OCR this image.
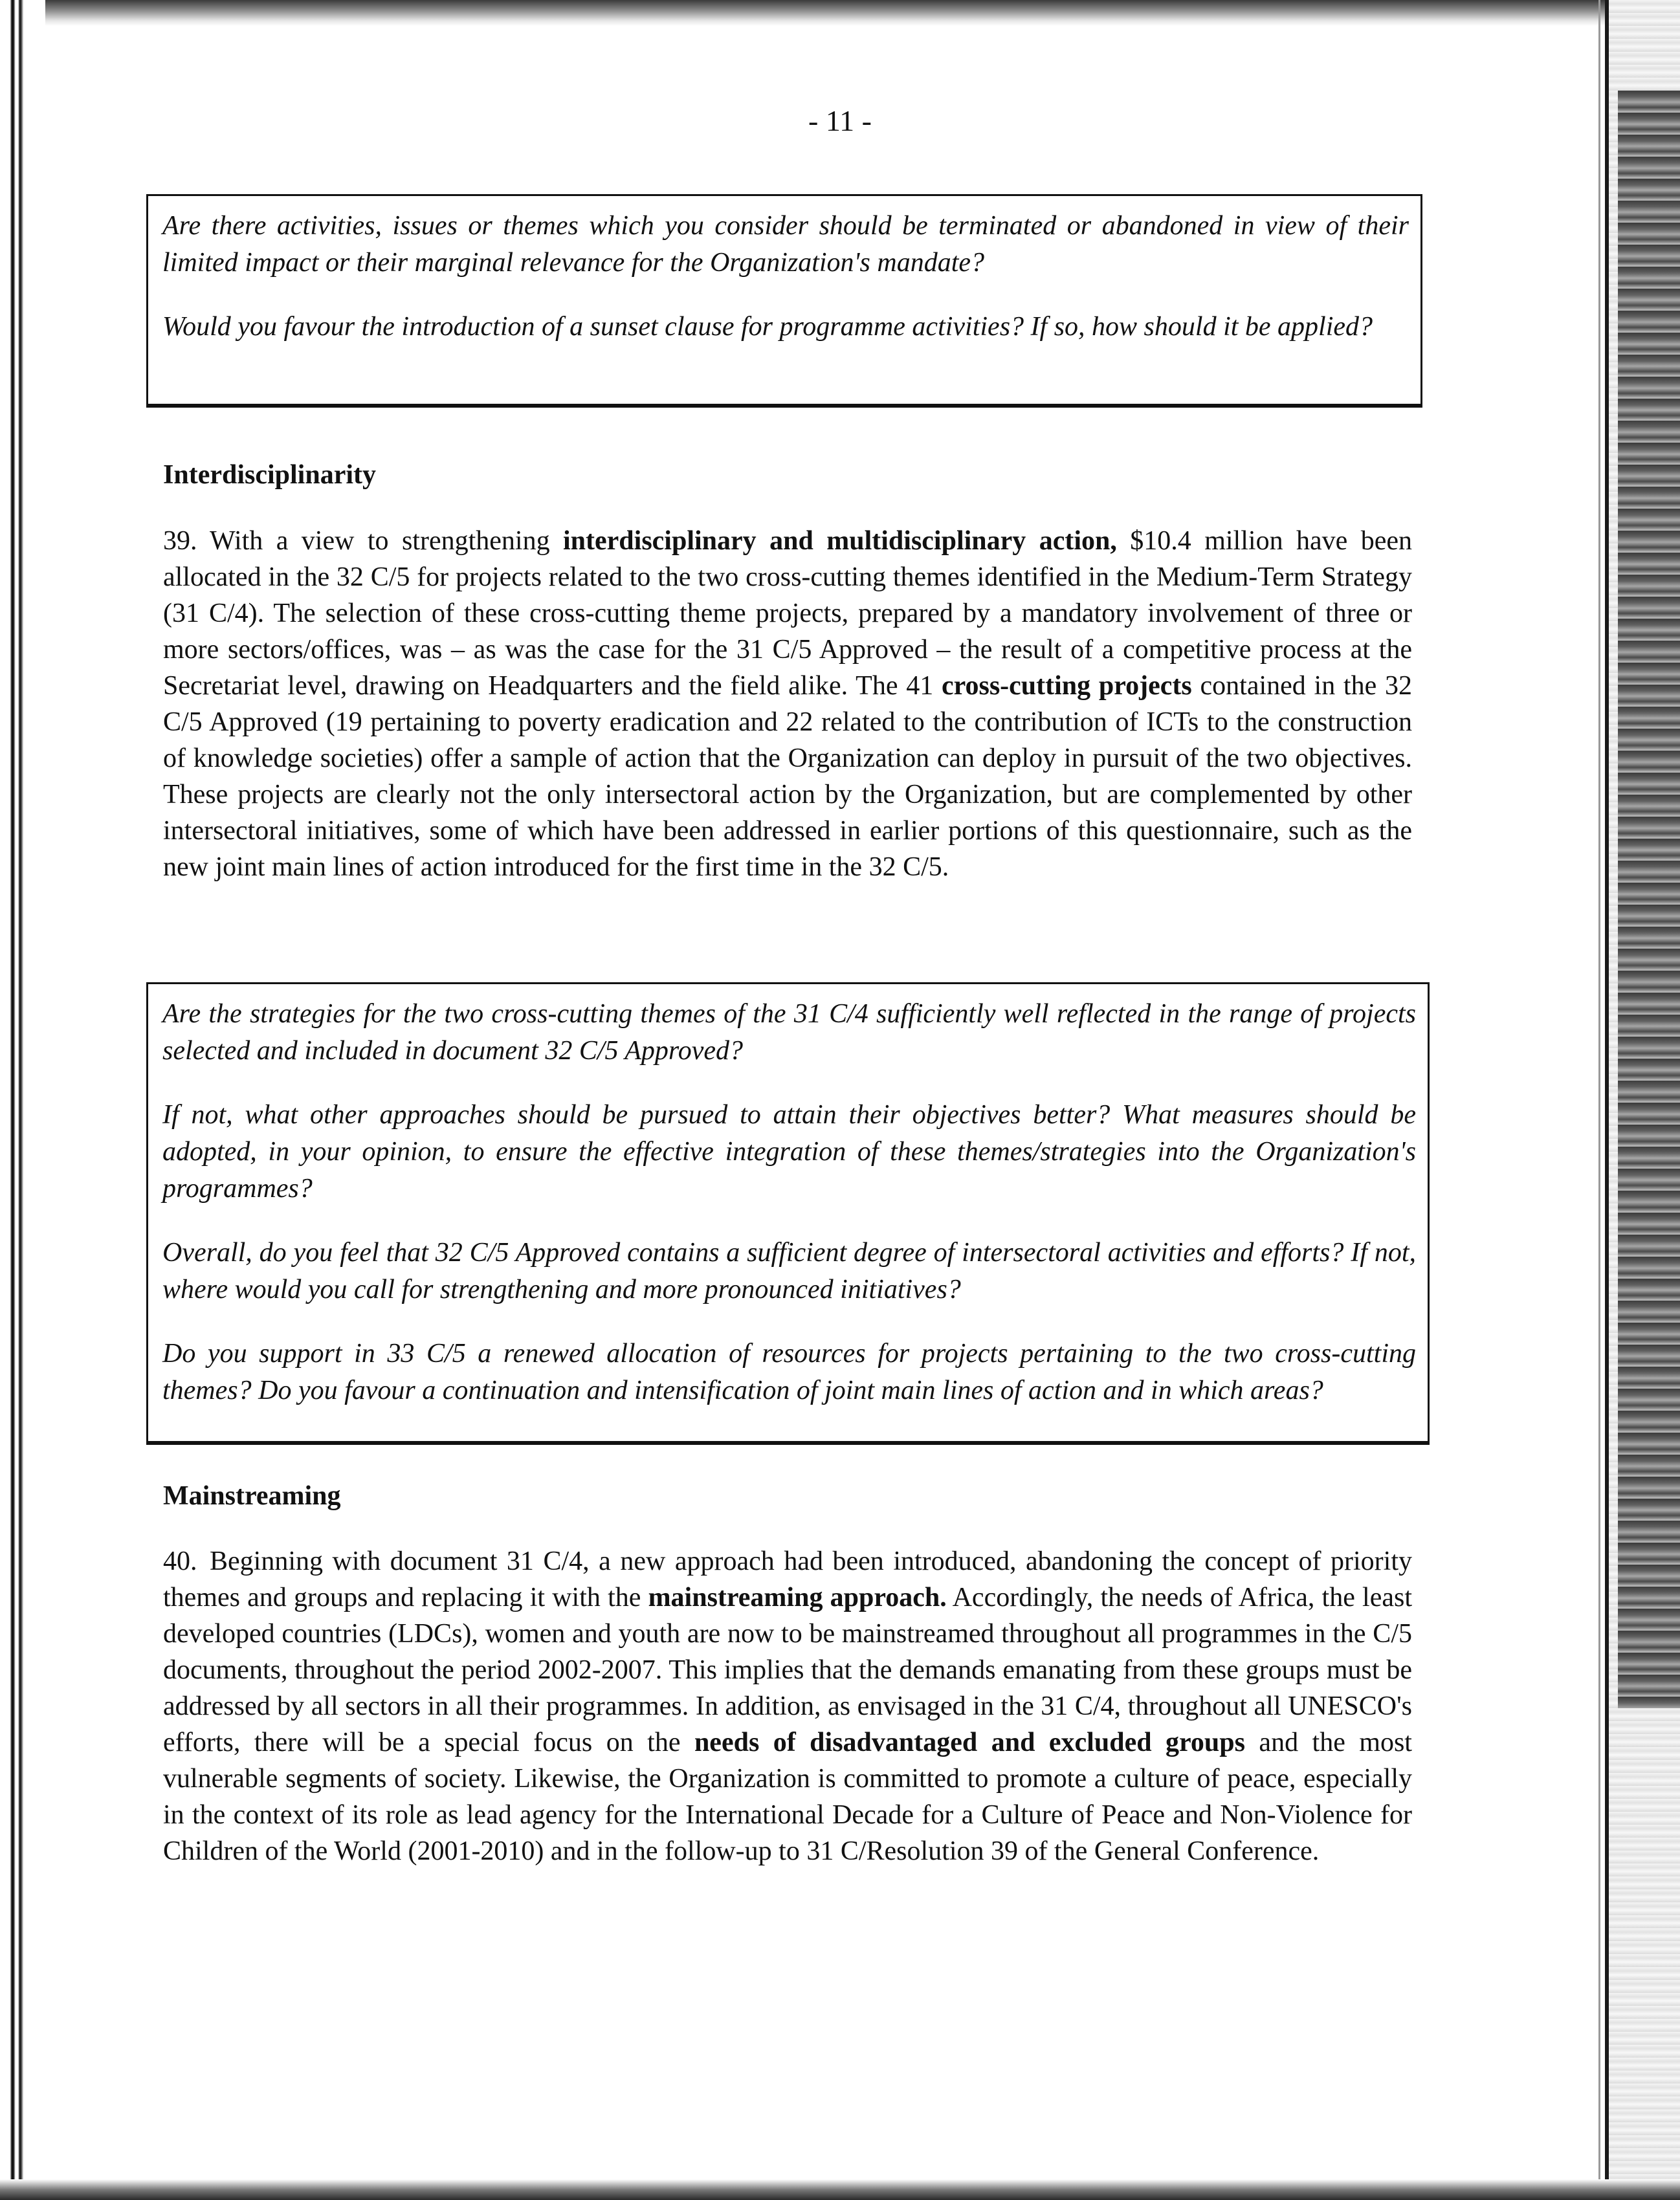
- 11 -

Are there activities, issues or themes which you consider should be terminated or abandoned in view of their limited impact or their marginal relevance for the Organization's mandate?

Would you favour the introduction of a sunset clause for programme activities? If so, how should it be applied?

Interdisciplinarity

39. With a view to strengthening interdisciplinary and multidisciplinary action, $10.4 million have been allocated in the 32 C/5 for projects related to the two cross-cutting themes identified in the Medium-Term Strategy (31 C/4). The selection of these cross-cutting theme projects, prepared by a mandatory involvement of three or more sectors/offices, was – as was the case for the 31 C/5 Approved – the result of a competitive process at the Secretariat level, drawing on Headquarters and the field alike. The 41 cross-cutting projects contained in the 32 C/5 Approved (19 pertaining to poverty eradication and 22 related to the contribution of ICTs to the construction of knowledge societies) offer a sample of action that the Organization can deploy in pursuit of the two objectives. These projects are clearly not the only intersectoral action by the Organization, but are complemented by other intersectoral initiatives, some of which have been addressed in earlier portions of this questionnaire, such as the new joint main lines of action introduced for the first time in the 32 C/5.

Are the strategies for the two cross-cutting themes of the 31 C/4 sufficiently well reflected in the range of projects selected and included in document 32 C/5 Approved?

If not, what other approaches should be pursued to attain their objectives better? What measures should be adopted, in your opinion, to ensure the effective integration of these themes/strategies into the Organization's programmes?

Overall, do you feel that 32 C/5 Approved contains a sufficient degree of intersectoral activities and efforts? If not, where would you call for strengthening and more pronounced initiatives?

Do you support in 33 C/5 a renewed allocation of resources for projects pertaining to the two cross-cutting themes? Do you favour a continuation and intensification of joint main lines of action and in which areas?

Mainstreaming

40. Beginning with document 31 C/4, a new approach had been introduced, abandoning the concept of priority themes and groups and replacing it with the mainstreaming approach. Accordingly, the needs of Africa, the least developed countries (LDCs), women and youth are now to be mainstreamed throughout all programmes in the C/5 documents, throughout the period 2002-2007. This implies that the demands emanating from these groups must be addressed by all sectors in all their programmes. In addition, as envisaged in the 31 C/4, throughout all UNESCO's efforts, there will be a special focus on the needs of disadvantaged and excluded groups and the most vulnerable segments of society. Likewise, the Organization is committed to promote a culture of peace, especially in the context of its role as lead agency for the International Decade for a Culture of Peace and Non-Violence for Children of the World (2001-2010) and in the follow-up to 31 C/Resolution 39 of the General Conference.
